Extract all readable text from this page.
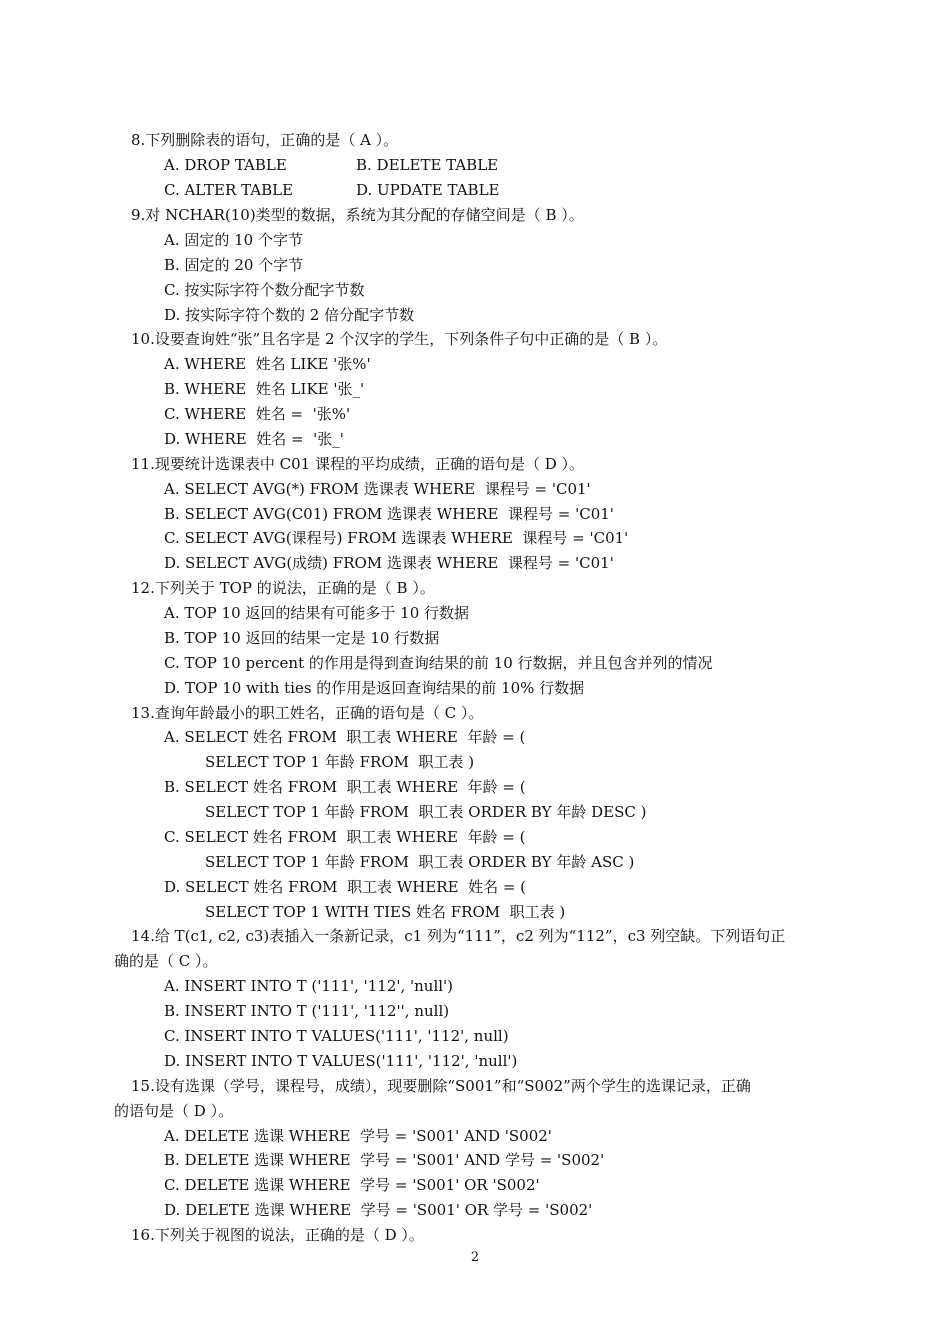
8.下列删除表的语句，正确的是（ A ）。
A. DROP TABLE	B. DELETE TABLE
C. ALTER TABLE	D. UPDATE TABLE
9.对 NCHAR(10)类型的数据，系统为其分配的存储空间是（ B ）。
A. 固定的 10 个字节
B. 固定的 20 个字节
C. 按实际字符个数分配字节数
D. 按实际字符个数的 2 倍分配字节数
10.设要查询姓“张”且名字是 2 个汉字的学生，下列条件子句中正确的是（ B ）。
A. WHERE  姓名 LIKE '张%'
B. WHERE  姓名 LIKE '张_'
C. WHERE  姓名 =  '张%'
D. WHERE  姓名 =  '张_'
11.现要统计选课表中 C01 课程的平均成绩，正确的语句是（ D ）。
A. SELECT AVG(*) FROM 选课表 WHERE  课程号 = 'C01'
B. SELECT AVG(C01) FROM 选课表 WHERE  课程号 = 'C01'
C. SELECT AVG(课程号) FROM 选课表 WHERE  课程号 = 'C01'
D. SELECT AVG(成绩) FROM 选课表 WHERE  课程号 = 'C01'
12.下列关于 TOP 的说法，正确的是（ B ）。
A. TOP 10 返回的结果有可能多于 10 行数据
B. TOP 10 返回的结果一定是 10 行数据
C. TOP 10 percent 的作用是得到查询结果的前 10 行数据，并且包含并列的情况
D. TOP 10 with ties 的作用是返回查询结果的前 10% 行数据
13.查询年龄最小的职工姓名，正确的语句是（ C ）。
A. SELECT 姓名 FROM  职工表 WHERE  年龄 = (
SELECT TOP 1 年龄 FROM  职工表 )
B. SELECT 姓名 FROM  职工表 WHERE  年龄 = (
SELECT TOP 1 年龄 FROM  职工表 ORDER BY 年龄 DESC )
C. SELECT 姓名 FROM  职工表 WHERE  年龄 = (
SELECT TOP 1 年龄 FROM  职工表 ORDER BY 年龄 ASC )
D. SELECT 姓名 FROM  职工表 WHERE  姓名 = (
SELECT TOP 1 WITH TIES 姓名 FROM  职工表 )
14.给 T(c1, c2, c3)表插入一条新记录，c1 列为“111”，c2 列为“112”，c3 列空缺。下列语句正
确的是（ C ）。
A. INSERT INTO T ('111', '112', 'null')
B. INSERT INTO T ('111', '112'', null)
C. INSERT INTO T VALUES('111', '112', null)
D. INSERT INTO T VALUES('111', '112', 'null')
15.设有选课（学号，课程号，成绩），现要删除“S001”和“S002”两个学生的选课记录，正确
的语句是（ D ）。
A. DELETE 选课 WHERE  学号 = 'S001' AND 'S002'
B. DELETE 选课 WHERE  学号 = 'S001' AND 学号 = 'S002'
C. DELETE 选课 WHERE  学号 = 'S001' OR 'S002'
D. DELETE 选课 WHERE  学号 = 'S001' OR 学号 = 'S002'
16.下列关于视图的说法，正确的是（ D ）。
2
